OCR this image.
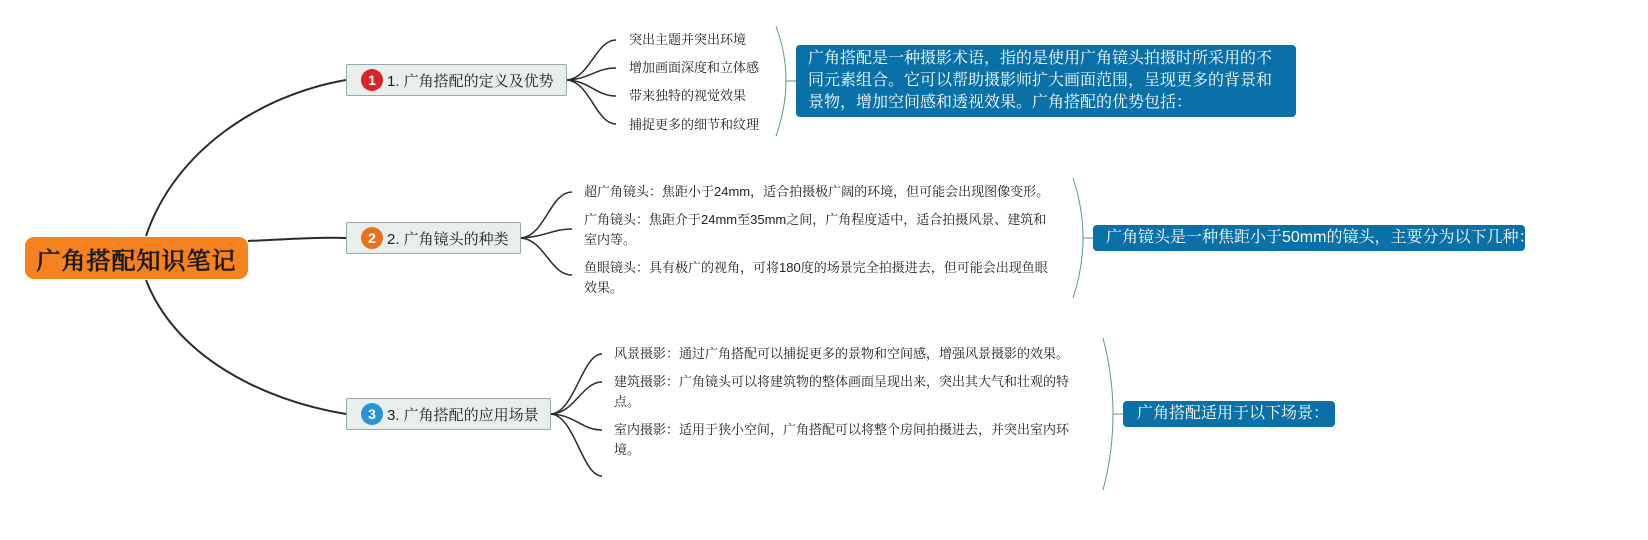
广角搭配知识笔记
1 1. 广角搭配的定义及优势
突出主题并突出环境
增加画面深度和立体感
带来独特的视觉效果
捕捉更多的细节和纹理
广角搭配是一种摄影术语，指的是使用广角镜头拍摄时所采用的不同元素组合。它可以帮助摄影师扩大画面范围，呈现更多的背景和景物，增加空间感和透视效果。广角搭配的优势包括：
2 2. 广角镜头的种类
超广角镜头：焦距小于24mm，适合拍摄极广阔的环境，但可能会出现图像变形。
广角镜头：焦距介于24mm至35mm之间，广角程度适中，适合拍摄风景、建筑和室内等。
鱼眼镜头：具有极广的视角，可将180度的场景完全拍摄进去，但可能会出现鱼眼效果。
广角镜头是一种焦距小于50mm的镜头，主要分为以下几种：
3 3. 广角搭配的应用场景
风景摄影：通过广角搭配可以捕捉更多的景物和空间感，增强风景摄影的效果。
建筑摄影：广角镜头可以将建筑物的整体画面呈现出来，突出其大气和壮观的特点。
室内摄影：适用于狭小空间，广角搭配可以将整个房间拍摄进去，并突出室内环境。
广角搭配适用于以下场景：
